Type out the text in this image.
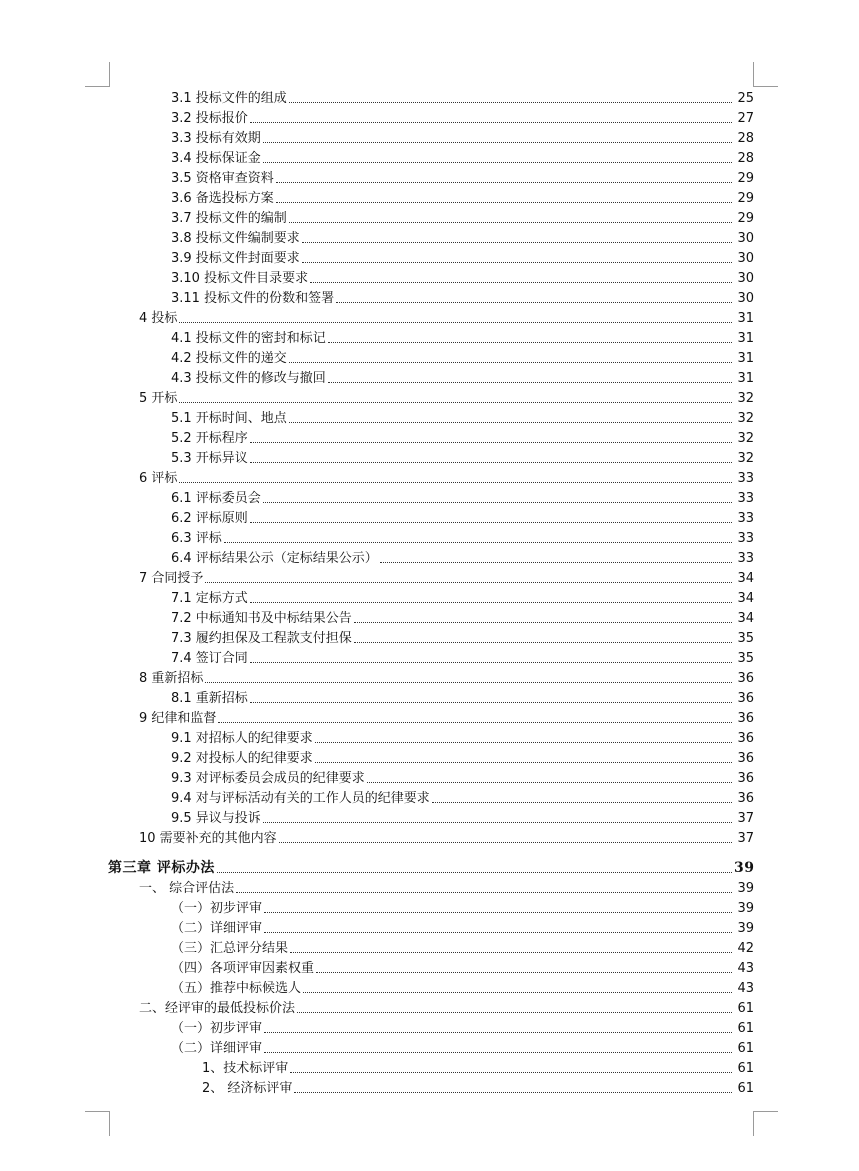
3.1 投标文件的组成	25
3.2 投标报价	27
3.3 投标有效期	28
3.4 投标保证金	28
3.5 资格审查资料	29
3.6 备选投标方案	29
3.7 投标文件的编制	29
3.8 投标文件编制要求	30
3.9 投标文件封面要求	30
3.10 投标文件目录要求	30
3.11 投标文件的份数和签署	30
4 投标	31
4.1 投标文件的密封和标记	31
4.2 投标文件的递交	31
4.3 投标文件的修改与撤回	31
5 开标	32
5.1 开标时间、地点	32
5.2 开标程序	32
5.3 开标异议	32
6 评标	33
6.1 评标委员会	33
6.2 评标原则	33
6.3 评标	33
6.4 评标结果公示（定标结果公示）	33
7 合同授予	34
7.1 定标方式	34
7.2 中标通知书及中标结果公告	34
7.3 履约担保及工程款支付担保	35
7.4 签订合同	35
8 重新招标	36
8.1 重新招标	36
9 纪律和监督	36
9.1 对招标人的纪律要求	36
9.2 对投标人的纪律要求	36
9.3 对评标委员会成员的纪律要求	36
9.4 对与评标活动有关的工作人员的纪律要求	36
9.5 异议与投诉	37
10 需要补充的其他内容	37
第三章 评标办法	39
一、 综合评估法	39
（一）初步评审	39
（二）详细评审	39
（三）汇总评分结果	42
（四）各项评审因素权重	43
（五）推荐中标候选人	43
二、经评审的最低投标价法	61
（一）初步评审	61
（二）详细评审	61
1、技术标评审	61
2、 经济标评审	61
